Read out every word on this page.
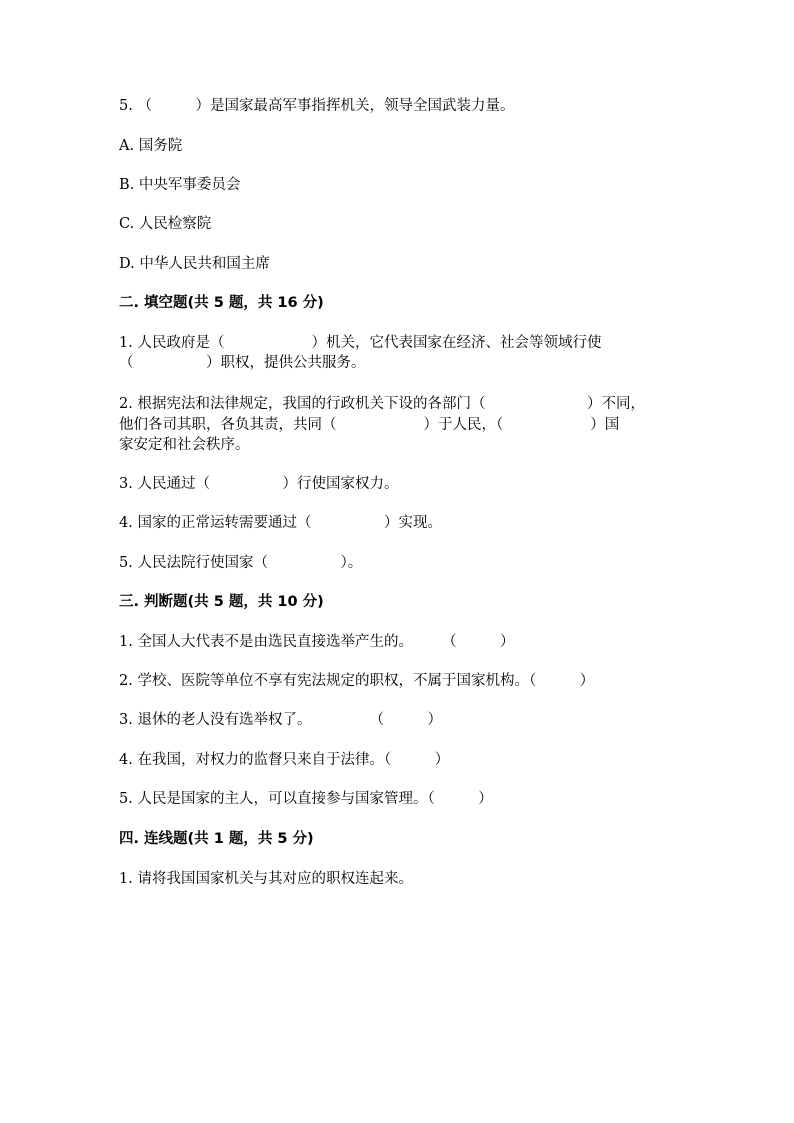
5. （　　　）是国家最高军事指挥机关，领导全国武装力量。
A. 国务院
B. 中央军事委员会
C. 人民检察院
D. 中华人民共和国主席
二. 填空题(共 5 题，共 16 分)
1. 人民政府是（　　　　　　）机关，它代表国家在经济、社会等领域行使
（　　　　　）职权，提供公共服务。
2. 根据宪法和法律规定，我国的行政机关下设的各部门（　　　　　　　）不同，
他们各司其职，各负其责，共同（　　　　　　）于人民，（　　　　　　）国
家安定和社会秩序。
3. 人民通过（　　　　　）行使国家权力。
4. 国家的正常运转需要通过（　　　　　）实现。
5. 人民法院行使国家（　　　　　）。
三. 判断题(共 5 题，共 10 分)
1. 全国人大代表不是由选民直接选举产生的。　　　（　　　）
2. 学校、医院等单位不享有宪法规定的职权，不属于国家机构。（　　　）
3. 退休的老人没有选举权了。　　　　　（　　　）
4. 在我国，对权力的监督只来自于法律。（　　　）
5. 人民是国家的主人，可以直接参与国家管理。（　　　）
四. 连线题(共 1 题，共 5 分)
1. 请将我国国家机关与其对应的职权连起来。
